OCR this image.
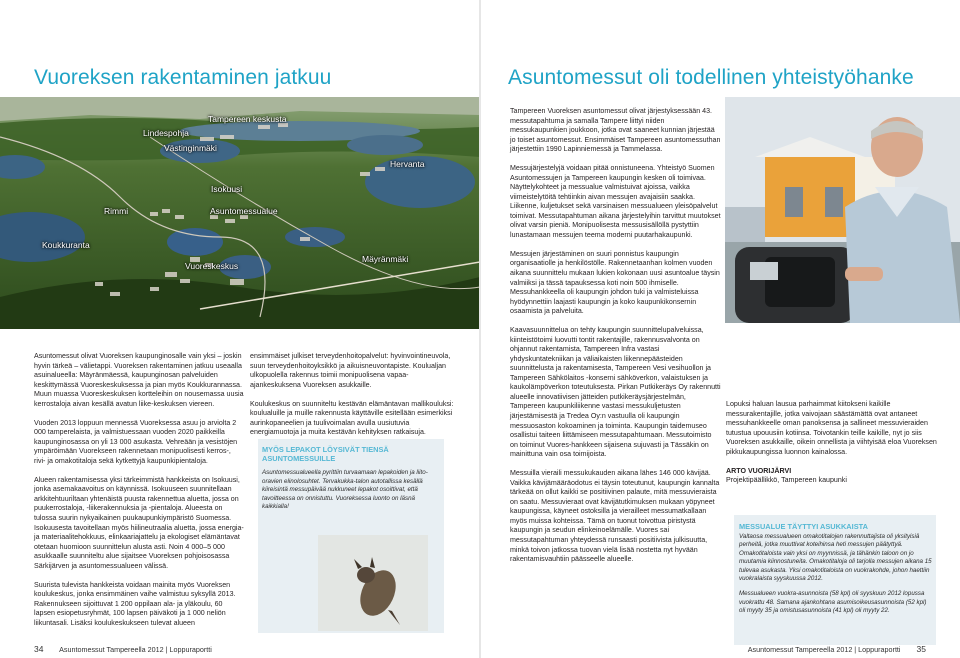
Vuoreksen rakentaminen jatkuu
Lindespohja
Tampereen keskusta
Västinginmäki
Hervanta
Isokuusi
Rimmi	Asuntomessualue
Koukkuranta
Vuoreskeskus
Mäyränmäki

Asuntomessut olivat Vuoreksen kaupunginosalle vain yksi – joskin hyvin tärkeä – välietappi. Vuoreksen rakentaminen jatkuu useaalla asuinalueella: Mäyränmäessä, kaupunginosan palveluiden keskittymässä Vuoreskeskuksessa ja pian myös Koukkurannassa. Muun muassa Vuoreskeskuksen kortteleihin on nousemassa uusia kerrostaloja aivan kesällä avatun liike-keskuksen viereen.

Vuoden 2013 loppuun mennessä Vuoreksessa asuu jo arviolta 2 000 tamperelaista, ja valmistuessaan vuoden 2020 paikkeilla kaupunginosassa on yli 13 000 asukasta. Vehreään ja vesistöjen ympäröimään Vuorekseen rakennetaan monipuolisesti kerros-, rivi- ja omakotitaloja sekä kytkettyjä kaupunkipientaloja.

Alueen rakentamisessa yksi tärkeimmistä hankkeista on Isokuusi, jonka asemakaavoitus on käynnissä. Isokuuseen suunnitellaan arkkitehtuuriltaan yhtenäistä puusta rakennettua aluetta, jossa on puukerrostaloja, -liikerakennuksia ja -pientaloja. Alueesta on tulossa suurin nykyaikainen puukaupunkiympäristö Suomessa. Isokuusesta tavoitellaan myös hiilineutraalia aluetta, jossa energia- ja materiaalitehokkuus, elinkaariajattelu ja ekologiset elämäntavat otetaan huomioon suunnittelun alusta asti. Noin 4 000–5 000 asukkaalle suunniteltu alue sijaitsee Vuoreksen pohjoisosassa Särkijärven ja asuntomessualueen välissä.

Suurista tulevista hankkeista voidaan mainita myös Vuoreksen koulukeskus, jonka ensimmäinen vaihe valmistuu syksyllä 2013. Rakennukseen sijoittuvat 1 200 oppilaan ala- ja yläkoulu, 60 lapsen esiopetusryhmät, 100 lapsen päiväkoti ja 1 000 neliön liikuntasali. Lisäksi koulukeskukseen tulevat alueen

ensimmäiset julkiset terveydenhoitopalvelut: hyvinvointineuvola, suun terveydenhoitoyksikkö ja aikuisneuvontapiste. Koulualjan ulkopuolella rakennus toimii monipuolisena vapaa-ajankeskuksena Vuoreksen asukkaille.

Koulukeskus on suunniteltu kestävän elämäntavan mallikouluksi: koulualuille ja muille rakennusta käyttäville esitellään esimerkiksi aurinkopaneelien ja tuulivoimalan avulla uusiutuvia energiamuotoja ja muita kestävän kehityksen ratkaisuja.

MYÖS LEPAKOT LÖYSIVÄT TIENSÄ ASUNTOMESSUILLE
Asuntomessualueella pyrittiin turvaamaan lepakoiden ja liito-oravien elinolosuhtet. Tervakukka-talon autotallissa kesällä kiireisintä messupäivää nukkuneet lepakot osoittivat, että tavoitteessa on onnistuttu. Vuoreksessa luonto on läsnä kaikkialla!
34 Asuntomessut Tampereella 2012 | Loppuraportti
Asuntomessut oli todellinen yhteistyöhanke

Tampereen Vuoreksen asuntomessut olivat järjestyksessään 43. messutapahtuma ja samalla Tampere liittyi niiden messukaupunkien joukkoon, jotka ovat saaneet kunnian järjestää jo toiset asuntomessut. Ensimmäiset Tampereen asuntomessuthan järjestettiin 1990 Lapinniemessä ja Tammelassa.

Messujärjestelyjä voidaan pitää onnistuneena. Yhteistyö Suomen Asuntomessujen ja Tampereen kaupungin kesken oli toimivaa. Näyttelykohteet ja messualue valmistuivat ajoissa, vaikka viimeistelytöitä tehtiinkin aivan messujen avajaisiin saakka. Liikenne, kuljetukset sekä varsinaisen messualueen yleisöpalvelut toimivat. Messutapahtuman aikana järjestelyihin tarvittut muutokset olivat varsin pieniä. Monipuolisesta messusisällöllä pystyttiin lunastamaan messujen teema moderni puutarhakaupunki.

Messujen järjestäminen on suuri ponnistus kaupungin organisaatiolle ja henkilöstölle. Rakennetaanhan kolmen vuoden aikana suunnittelu mukaan lukien kokonaan uusi asuntoalue täysin valmiiksi ja tässä tapauksessa koti noin 500 ihmiselle. Messuhankkeella oli kaupungin johdon tuki ja valmisteluissa hyödynnettiin laajasti kaupungin ja koko kaupunkikonsernin osaamista ja palveluita.

Kaavasuunnittelua on tehty kaupungin suunnittelupalveluissa, kiinteistötoimi luovutti tontit rakentajille, rakennusvalvonta on ohjannut rakentamista, Tampereen Infra vastasi yhdyskuntatekniikan ja väliaikaisten liikennepäästeiden suunnittelusta ja rakentamisesta, Tampereen Vesi vesihuollon ja Tampereen Sähkölaitos -konserni sähköverkon, valaistuksen ja kaukolämpöverkon toteutuksesta. Pirkan Putkikeräys Oy rakennutti alueelle innovatiivisen jätteiden putkikeräysjärjestelmän, Tampereen kaupunkiliikenne vastasi messukuljetusten järjestämisestä ja Tredea Oy:n vastuulla oli kaupungin messuosaston kokoaminen ja toiminta. Kaupungin taidemuseo osallistui taiteen liittämiseen messutapahtumaan. Messutoimisto on toiminut Vuores-hankkeen sijaisena sujuvasti ja Tässäkin on mainittuna vain osa toimijoista.

Messuilla vieraili messukukauden aikana lähes 146 000 kävijää. Vaikka kävijämääräodotus ei täysin toteutunut, kaupungin kannalta tärkeää on ollut kaikki se positiivinen palaute, mitä messuvieraista on saatu. Messuvieraat ovat kävijätutkimuksen mukaan yöpyneet kaupungissa, käyneet ostoksilla ja vierailleet messumatkallaan myös muissa kohteissa. Tämä on tuonut toivottua piristystä kaupungin ja seudun elinkeinoelämälle. Vuores sai messutapahtuman yhteydessä runsaasti positiivista julkisuutta, minkä toivon jatkossa tuovan vielä lisää nostetta nyt hyvään rakentamisvauhtiin päässeelle alueelle.

Lopuksi haluan lausua parhaimmat kiitokseni kaikille messurakentajille, jotka vaivojaan säästämättä ovat antaneet messuhankkeelle oman panoksensa ja sallineet messuvieraiden tutustua upouusiin kotiinsa. Toivotankin teille kaikille, nyt jo siis Vuoreksen asukkaille, oikein onnellista ja viihtyisää eloa Vuoreksen pikkukaupungissa luonnon kainalossa.

ARTO VUORIJÄRVI
Projektipäällikkö, Tampereen kaupunki
MESSUALUE TÄYTTYI ASUKKAISTA

Valtaosa messualueen omakotitalojen rakennuttajista oli yksityisiä perheitä, jotka muuttivat koteihinsa heti messujen päätyttyä. Omakotitaloista vain yksi on myynnissä, ja tähänkin taloon on jo muutamia kiinnostuneita. Omakotitaloja oli tarjolla messujen aikana 15 tulevaa asukasta. Yksi omakotitaloista on vuokrakohde, johon haettiin vuokralaista syyskuussa 2012.

Messualueen vuokra-asunnoista (58 kpl) oli syyskuun 2012 lopussa vuokrattu 48. Samana ajankohtana asumisoikeusasunnoista (52 kpl) oli myyty 35 ja omistusasunnoista (41 kpl) oli myyty 22.

Asuntomessut Tampereella 2012 | Loppuraportti 35
